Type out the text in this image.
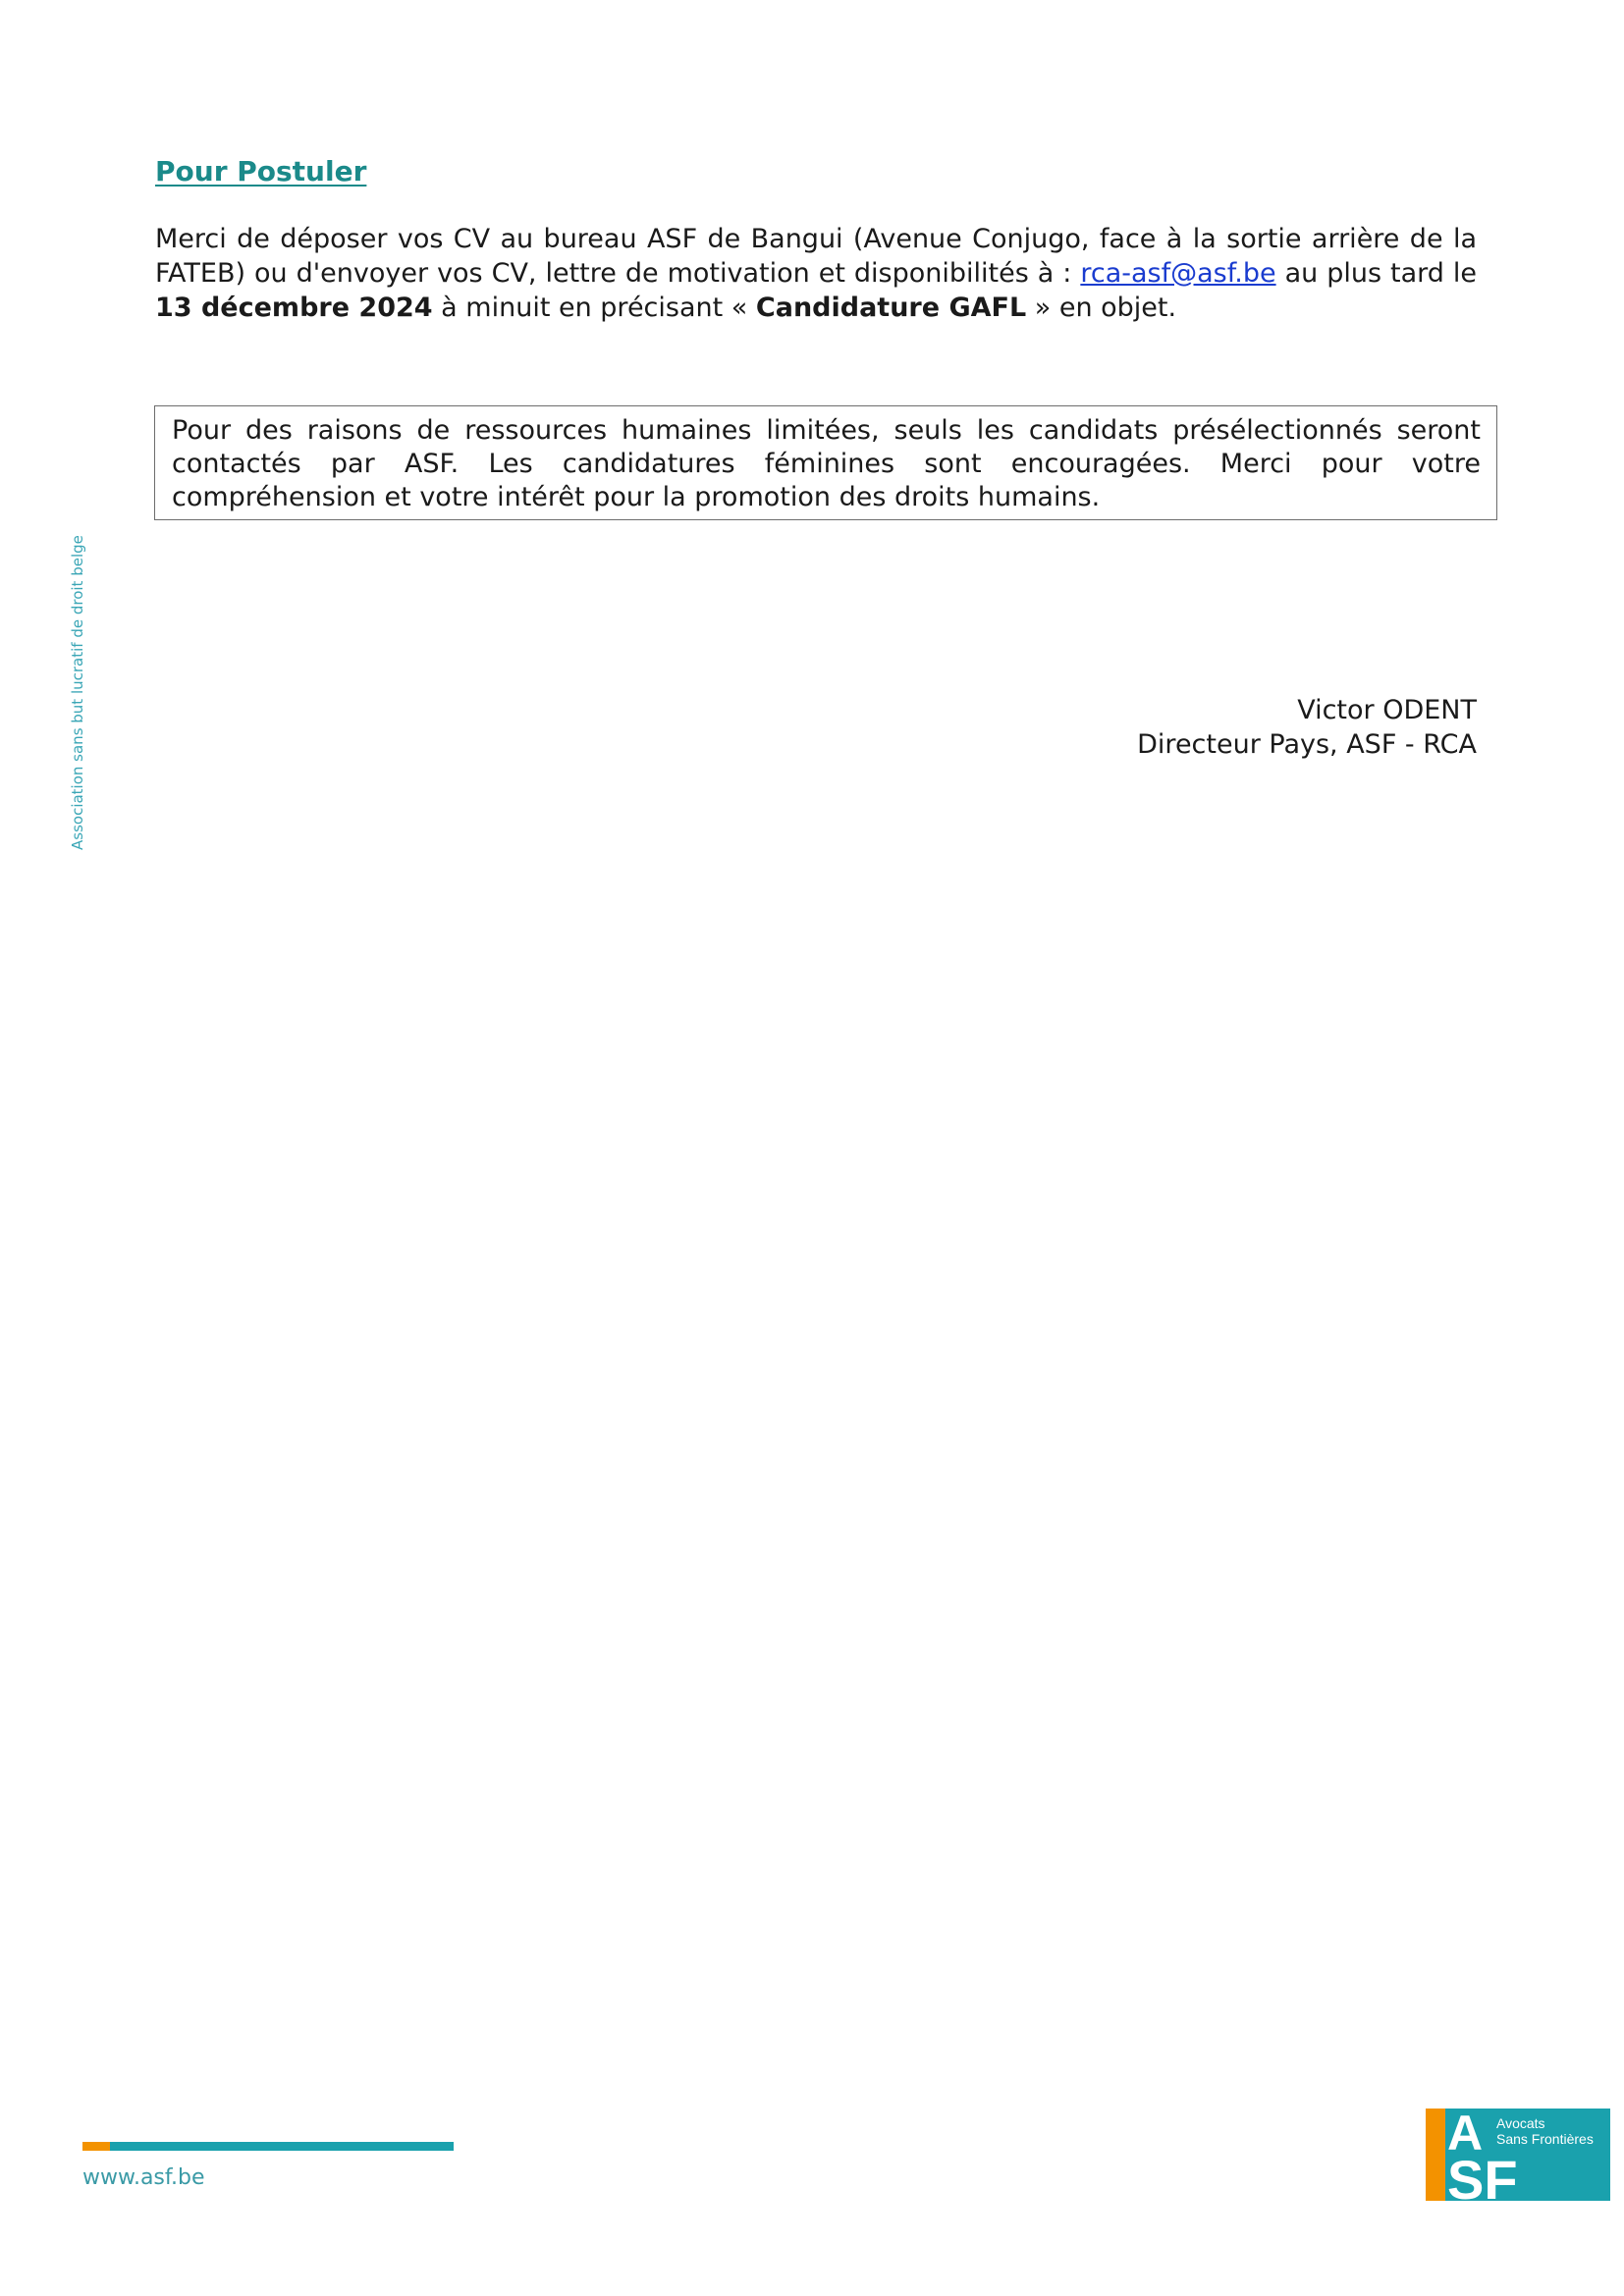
Pour Postuler

Merci de déposer vos CV au bureau ASF de Bangui (Avenue Conjugo, face à la sortie arrière de la FATEB) ou d'envoyer vos CV, lettre de motivation et disponibilités à : rca-asf@asf.be au plus tard le 13 décembre 2024 à minuit en précisant « Candidature GAFL » en objet.

Pour des raisons de ressources humaines limitées, seuls les candidats présélectionnés seront contactés par ASF. Les candidatures féminines sont encouragées. Merci pour votre compréhension et votre intérêt pour la promotion des droits humains.

Victor ODENT
Directeur Pays, ASF - RCA
Association sans but lucratif de droit belge
www.asf.be
A
SF
Avocats
Sans Frontières
